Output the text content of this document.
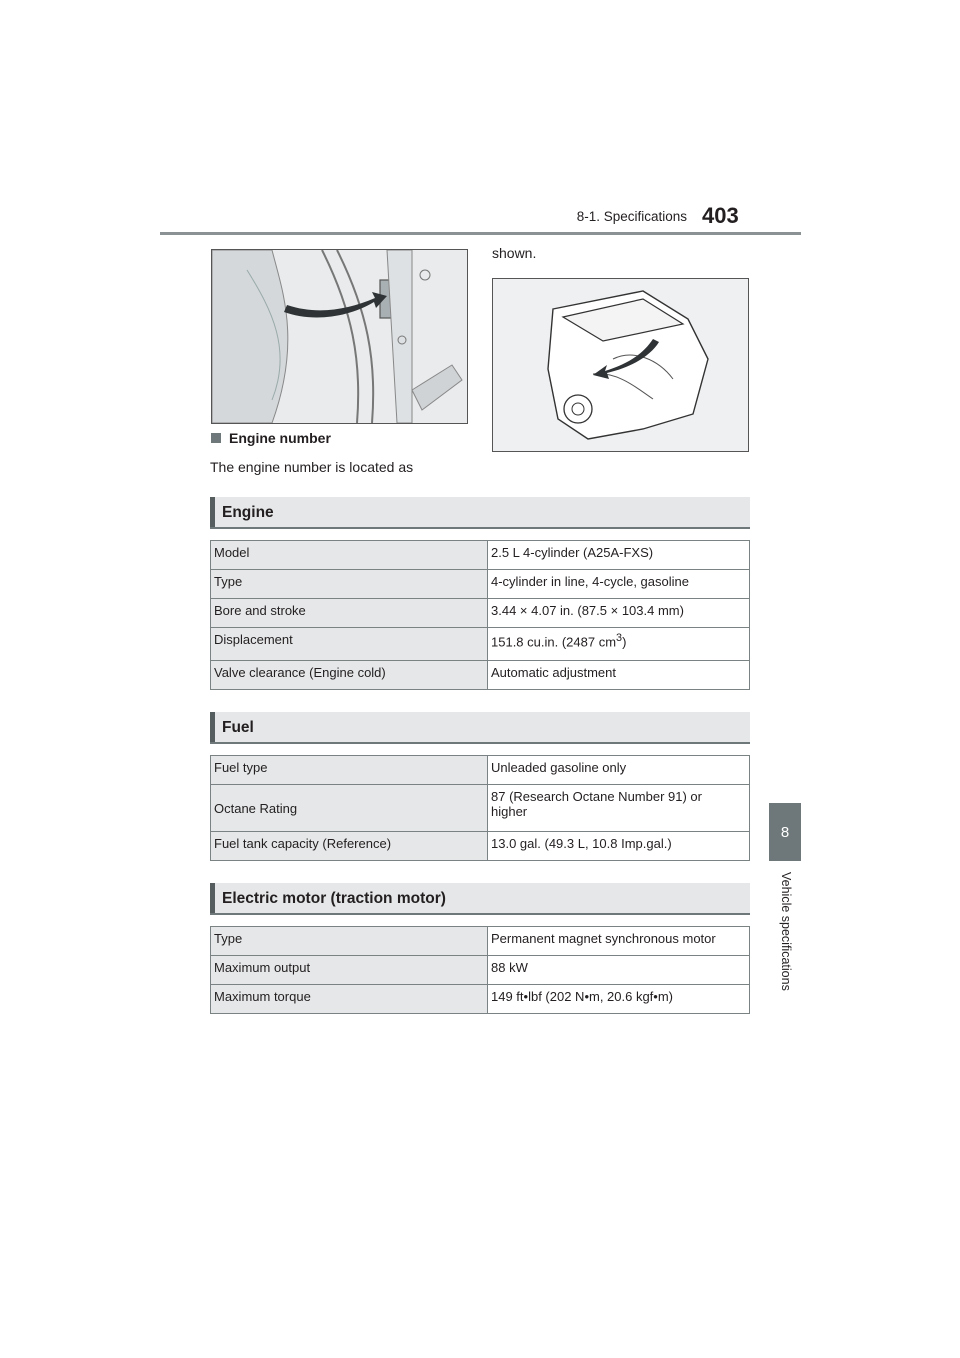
8-1. Specifications 403
8
Vehicle specifications
Engine number
The engine number is located as
shown.
Engine
Model	2.5 L 4-cylinder (A25A-FXS)
Type	4-cylinder in line, 4-cycle, gasoline
Bore and stroke	3.44 × 4.07 in. (87.5 × 103.4 mm)
Displacement	151.8 cu.in. (2487 $cm^3$)
Valve clearance (Engine cold)	Automatic adjustment
Fuel
Fuel type	Unleaded gasoline only
Octane Rating	87 (Research Octane Number 91) or higher
Fuel tank capacity (Reference)	13.0 gal. (49.3 L, 10.8 Imp.gal.)
Electric motor (traction motor)
Type	Permanent magnet synchronous motor
Maximum output	88 kW
Maximum torque	149 ft•lbf (202 N•m, 20.6 kgf•m)
